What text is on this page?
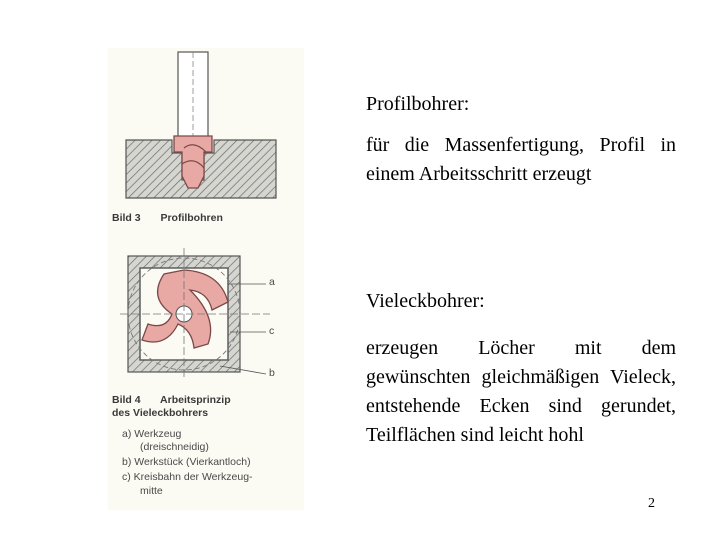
a
c
b
Bild 3 Profilbohren
Bild 4 Arbeitsprinzip
des Vieleckbohrers
a) Werkzeug
(dreischneidig)
b) Werkstück (Vierkantloch)
c) Kreisbahn der Werkzeug-
mitte

Profilbohrer:

für die Massenfertigung, Profil in einem Arbeitsschritt erzeugt

Vieleckbohrer:

erzeugen Löcher mit dem gewünschten gleichmäßigen Vieleck, entstehende Ecken sind gerundet, Teilflächen sind leicht hohl

2
